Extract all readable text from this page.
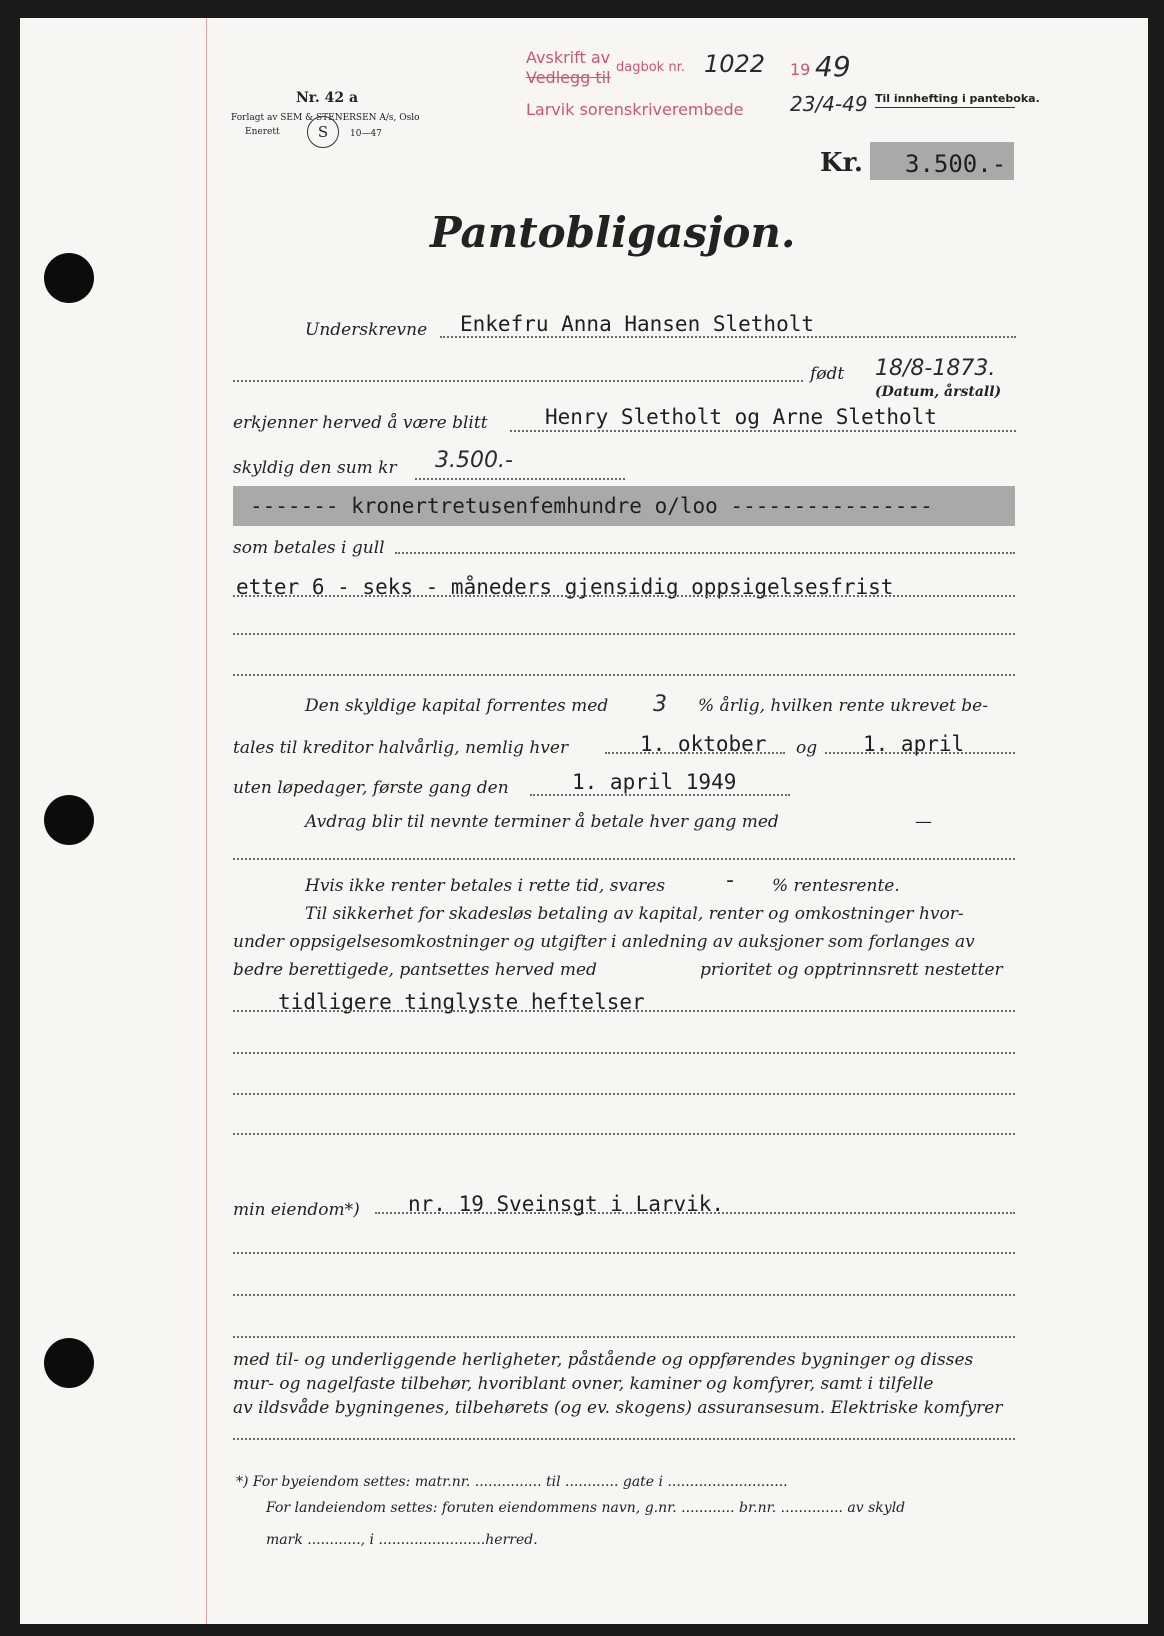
Nr. 42 a
Forlagt av SEM & STENERSEN A/s, Oslo
Enerett	S	10—47
Avskrift av
Vedlegg til
dagbok nr. 1022 19 49
Larvik sorenskriverembede 23/4-49 Til innhefting i panteboka.
Kr. 3.500.-
Pantobligasjon.
Underskrevne Enkefru Anna Hansen Sletholt
født 18/8-1873.
(Datum, årstall)
erkjenner herved å være blitt	Henry Sletholt og Arne Sletholt
skyldig den sum kr 3.500.-
------- kronertretusenfemhundre o/loo ----------------
som betales i gull
etter 6 - seks - måneders gjensidig oppsigelsesfrist
Den skyldige kapital forrentes med 3 % årlig, hvilken rente ukrevet be-
tales til kreditor halvårlig, nemlig hver	1. oktober og 1. april
uten løpedager, første gang den	1. april 1949
Avdrag blir til nevnte terminer å betale hver gang med	—
Hvis ikke renter betales i rette tid, svares	- % rentesrente.
Til sikkerhet for skadesløs betaling av kapital, renter og omkostninger hvor-
under oppsigelsesomkostninger og utgifter i anledning av auksjoner som forlanges av
bedre berettigede, pantsettes herved med	prioritet og opptrinnsrett nestetter
tidligere tinglyste heftelser
min eiendom*) nr. 19 Sveinsgt i Larvik.
med til- og underliggende herligheter, påstående og oppførendes bygninger og disses
mur- og nagelfaste tilbehør, hvoriblant ovner, kaminer og komfyrer, samt i tilfelle
av ildsvåde bygningenes, tilbehørets (og ev. skogens) assuransesum. Elektriske komfyrer
*) For byeiendom settes: matr.nr. ............... til ............ gate i ...........................
For landeiendom settes: foruten eiendommens navn, g.nr. ............ br.nr. .............. av skyld
mark ............, i ........................herred.
